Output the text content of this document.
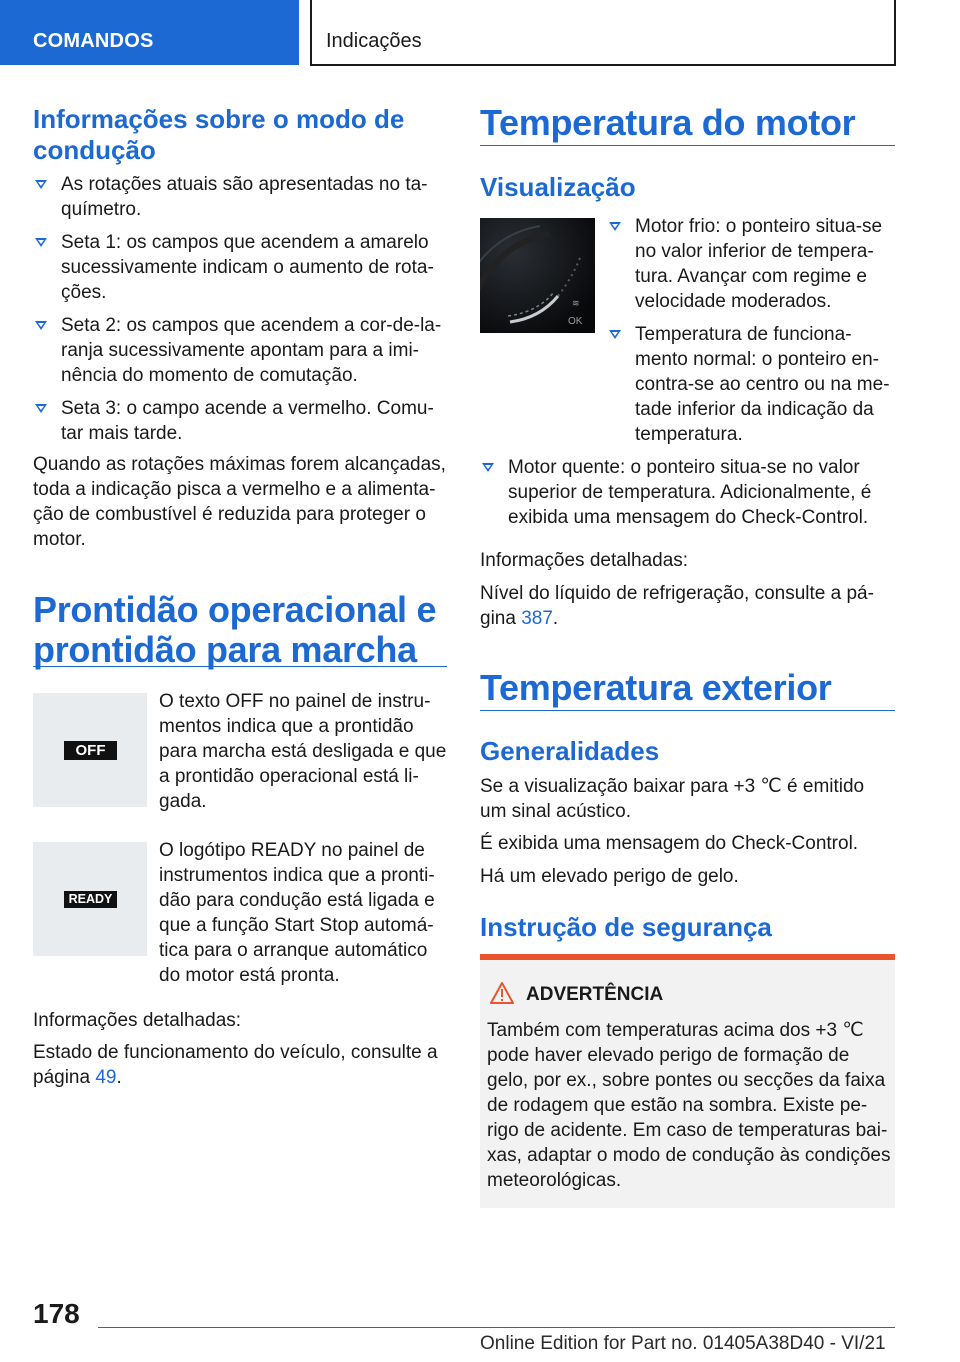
COMANDOS	Indicações
Informações sobre o modo de condução
As rotações atuais são apresentadas no ta-químetro.
Seta 1: os campos que acendem a amarelo sucessivamente indicam o aumento de rota-ções.
Seta 2: os campos que acendem a cor-de-la-ranja sucessivamente apontam para a imi-nência do momento de comutação.
Seta 3: o campo acende a vermelho. Comu-tar mais tarde.
Quando as rotações máximas forem alcançadas, toda a indicação pisca a vermelho e a alimenta-ção de combustível é reduzida para proteger o motor.
Prontidão operacional e prontidão para marcha
OFF
O texto OFF no painel de instru-mentos indica que a prontidão para marcha está desligada e que a prontidão operacional está li-gada.
READY
O logótipo READY no painel de instrumentos indica que a pronti-dão para condução está ligada e que a função Start Stop automá-tica para o arranque automático do motor está pronta.
Informações detalhadas:
Estado de funcionamento do veículo, consulte a página 49.
Temperatura do motor
Visualização
≋
OK
Motor frio: o ponteiro situa-se no valor inferior de tempera-tura. Avançar com regime e velocidade moderados.
Temperatura de funciona-mento normal: o ponteiro en-contra-se ao centro ou na me-tade inferior da indicação da temperatura.
Motor quente: o ponteiro situa-se no valor superior de temperatura. Adicionalmente, é exibida uma mensagem do Check-Control.
Informações detalhadas:
Nível do líquido de refrigeração, consulte a pá-gina 387.
Temperatura exterior
Generalidades
Se a visualização baixar para +3 ℃ é emitido um sinal acústico.
É exibida uma mensagem do Check-Control.
Há um elevado perigo de gelo.
Instrução de segurança
ADVERTÊNCIA
Também com temperaturas acima dos +3 ℃ pode haver elevado perigo de formação de gelo, por ex., sobre pontes ou secções da faixa de rodagem que estão na sombra. Existe pe-rigo de acidente. Em caso de temperaturas bai-xas, adaptar o modo de condução às condições meteorológicas.
178
Online Edition for Part no. 01405A38D40 - VI/21
